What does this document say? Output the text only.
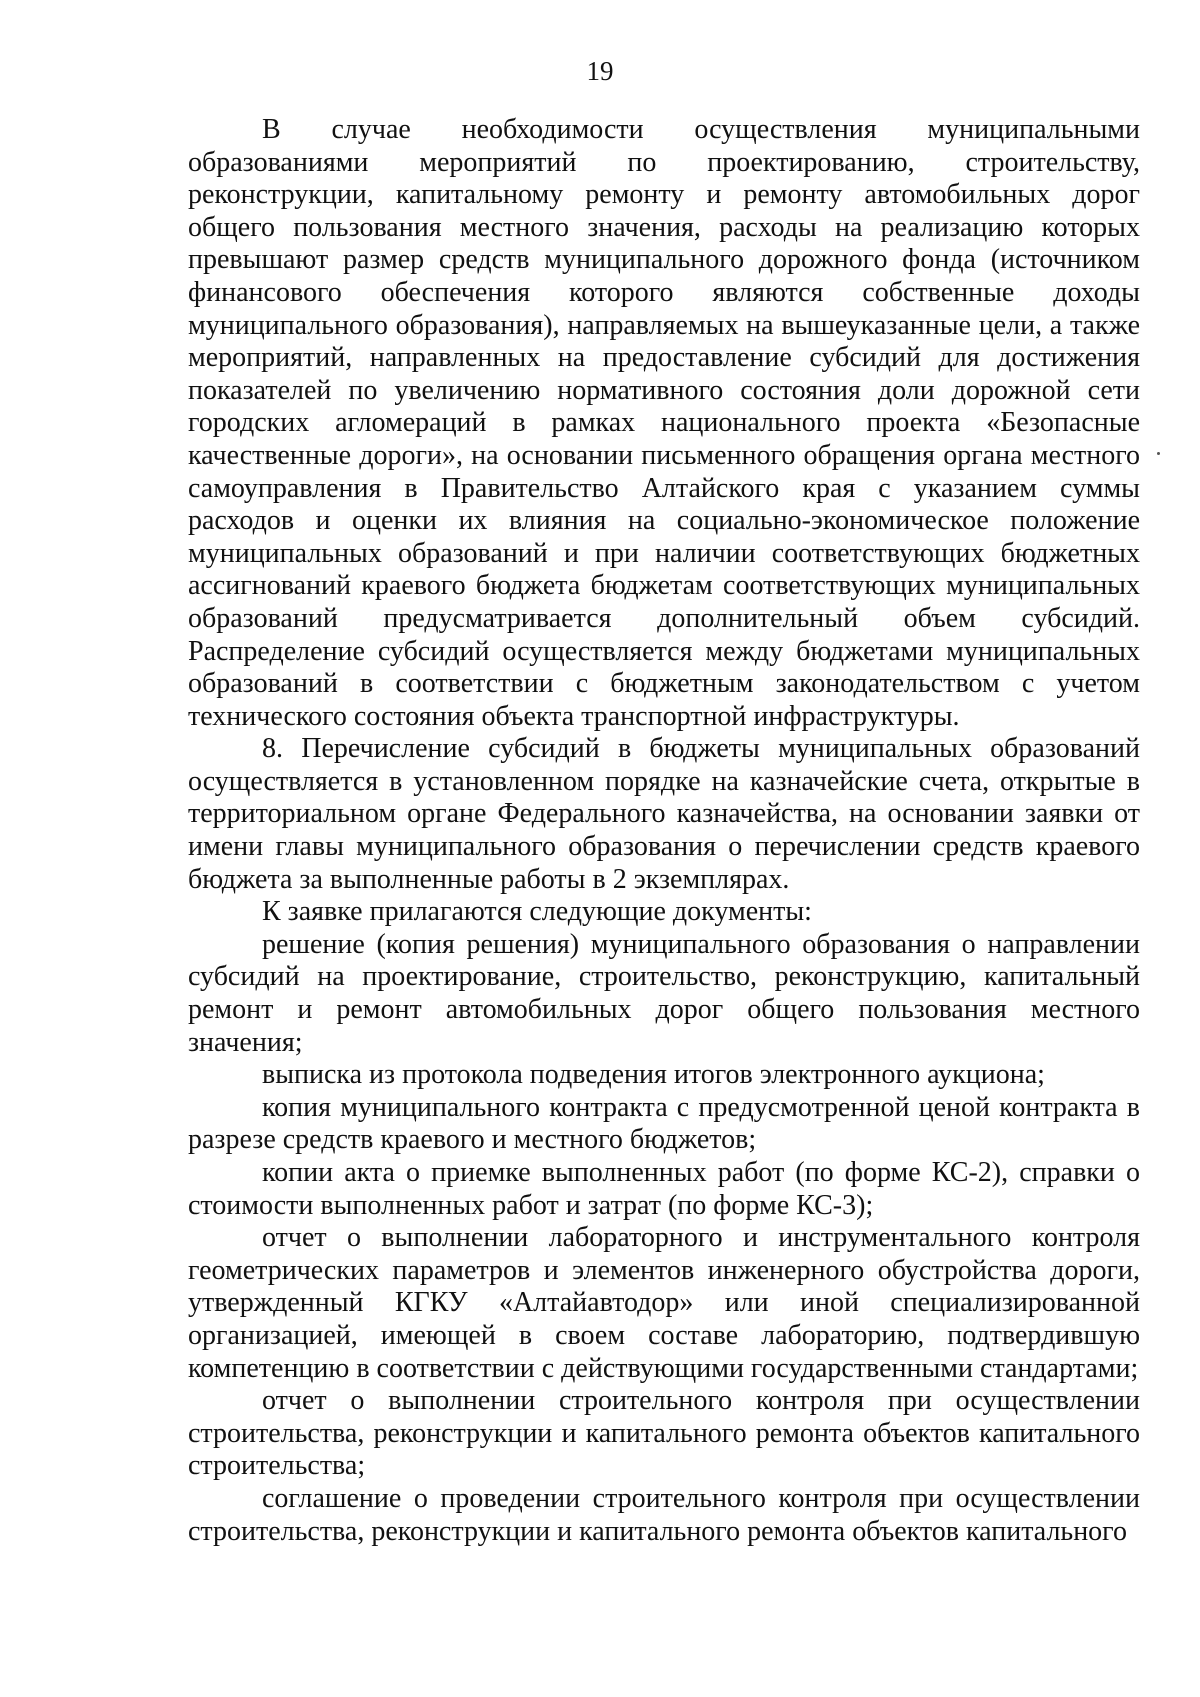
19

В случае необходимости осуществления муниципальными образованиями мероприятий по проектированию, строительству, реконструкции, капитальному ремонту и ремонту автомобильных дорог общего пользования местного значения, расходы на реализацию которых превышают размер средств муниципального дорожного фонда (источником финансового обеспечения которого являются собственные доходы муниципального образования), направляемых на вышеуказанные цели, а также мероприятий, направленных на предоставление субсидий для достижения показателей по увеличению нормативного состояния доли дорожной сети городских агломераций в рамках национального проекта «Безопасные качественные дороги», на основании письменного обращения органа местного самоуправления в Правительство Алтайского края с указанием суммы расходов и оценки их влияния на социально-экономическое положение муниципальных образований и при наличии соответствующих бюджетных ассигнований краевого бюджета бюджетам соответствующих муниципальных образований предусматривается дополнительный объем субсидий. Распределение субсидий осуществляется между бюджетами муниципальных образований в соответствии с бюджетным законодательством с учетом технического состояния объекта транспортной инфраструктуры.

8. Перечисление субсидий в бюджеты муниципальных образований осуществляется в установленном порядке на казначейские счета, открытые в территориальном органе Федерального казначейства, на основании заявки от имени главы муниципального образования о перечислении средств краевого бюджета за выполненные работы в 2 экземплярах.

К заявке прилагаются следующие документы:

решение (копия решения) муниципального образования о направлении субсидий на проектирование, строительство, реконструкцию, капитальный ремонт и ремонт автомобильных дорог общего пользования местного значения;

выписка из протокола подведения итогов электронного аукциона;

копия муниципального контракта с предусмотренной ценой контракта в разрезе средств краевого и местного бюджетов;

копии акта о приемке выполненных работ (по форме КС-2), справки о стоимости выполненных работ и затрат (по форме КС-3);

отчет о выполнении лабораторного и инструментального контроля геометрических параметров и элементов инженерного обустройства дороги, утвержденный КГКУ «Алтайавтодор» или иной специализированной организацией, имеющей в своем составе лабораторию, подтвердившую компетенцию в соответствии с действующими государственными стандартами;

отчет о выполнении строительного контроля при осуществлении строительства, реконструкции и капитального ремонта объектов капитального строительства;

соглашение о проведении строительного контроля при осуществлении строительства, реконструкции и капитального ремонта объектов капитального
